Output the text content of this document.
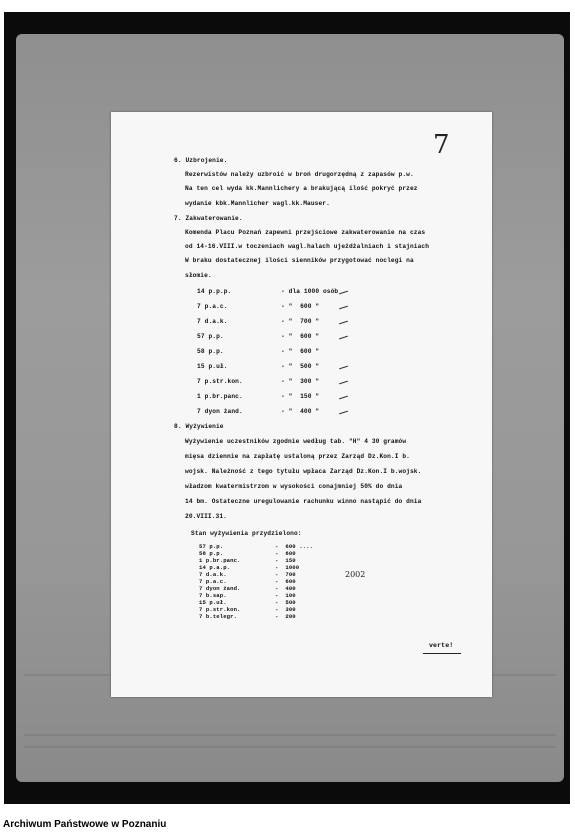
7
6. Uzbrojenie.
Rezerwistów należy uzbroić w broń drugorzędną z zapasów p.w.
Na ten cel wyda kk.Mannlichery a brakującą ilość pokryć przez
wydanie kbk.Mannlicher wagl.kk.Mauser.
7. Zakwaterowanie.
Komenda Placu Poznań zapewni przejściowe zakwaterowanie na czas
od 14-16.VIII.w toczeniach wagl.halach ujeżdżalniach i stajniach
W braku dostatecznej ilości sienników przygotować noclegi na
słomie.
14 p.p.p.	- dla 1000 osób
7 p.a.c.	- "  600 "
7 d.a.k.	- "  700 "
57 p.p.	- "  600 "
58 p.p.	- "  600 "
15 p.uł.	- "  500 "
7 p.str.kon.	- "  300 "
1 p.br.panc.	- "  150 "
7 dyon żand.	- "  400 "
8. Wyżywienie
Wyżywienie uczestników zgodnie według tab. "H" 4 30 gramów
mięsa dziennie na zapłatę ustaloną przez Zarząd Dz.Kon.I b.
wojsk. Należność z tego tytułu wpłaca Zarząd Dz.Kon.I b.wojsk.
władzom kwatermistrzom w wysokości conajmniej 50% do dnia
14 bm. Ostateczne uregulowanie rachunku winno nastąpić do dnia
20.VIII.31.
Stan wyżywienia przydzielono:
57 p.p.	-  600 ....
58 p.p.	-  600
1 p.br.panc.	-  150
14 p.a.p.	-  1000
7 d.a.k.	-  700
7 p.a.c.	-  600
7 dyon żand.	-  400
7 b.sap.	-  100
15 p.uł.	-  500
7 p.str.kon.	-  300
7 b.telegr.	-  200
2002
verte!
Archiwum Państwowe w Poznaniu
